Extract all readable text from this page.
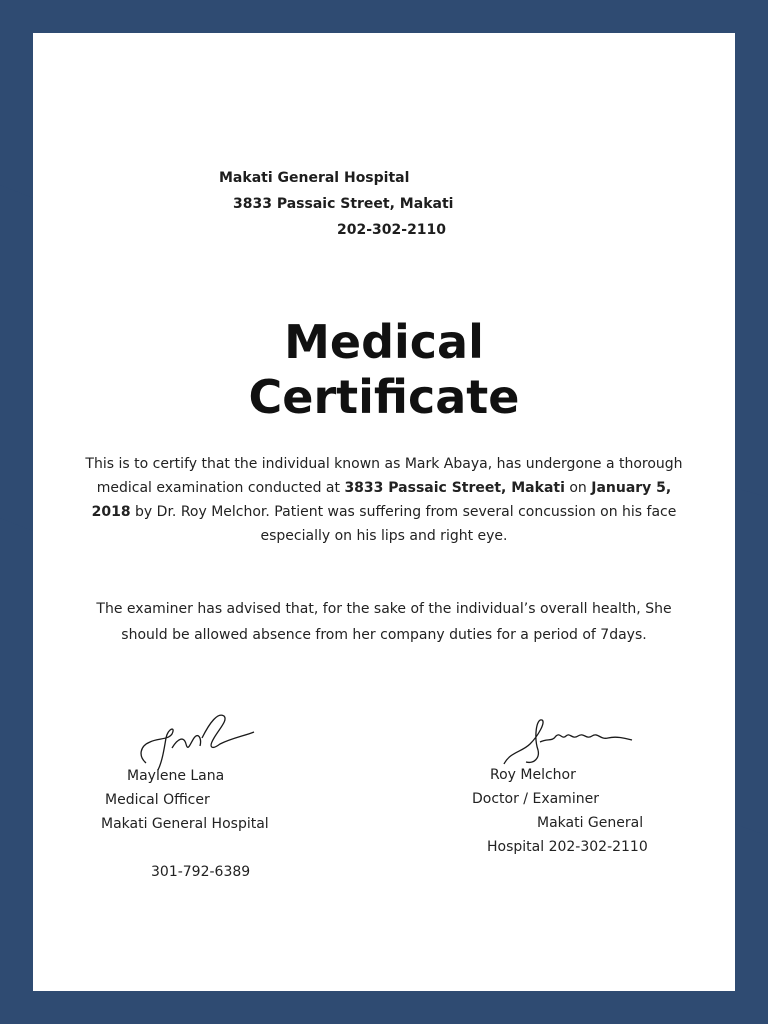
Makati General Hospital
3833 Passaic Street, Makati
202-302-2110
Medical
Certificate
This is to certify that the individual known as Mark Abaya, has undergone a thorough medical examination conducted at 3833 Passaic Street, Makati on January 5, 2018 by Dr. Roy Melchor. Patient was suffering from several concussion on his face especially on his lips and right eye.
The examiner has advised that, for the sake of the individual’s overall health, She should be allowed absence from her company duties for a period of 7days.
Maylene Lana
Medical Officer
Makati General Hospital
301-792-6389
Roy Melchor
Doctor / Examiner
Makati General
Hospital 202-302-2110
